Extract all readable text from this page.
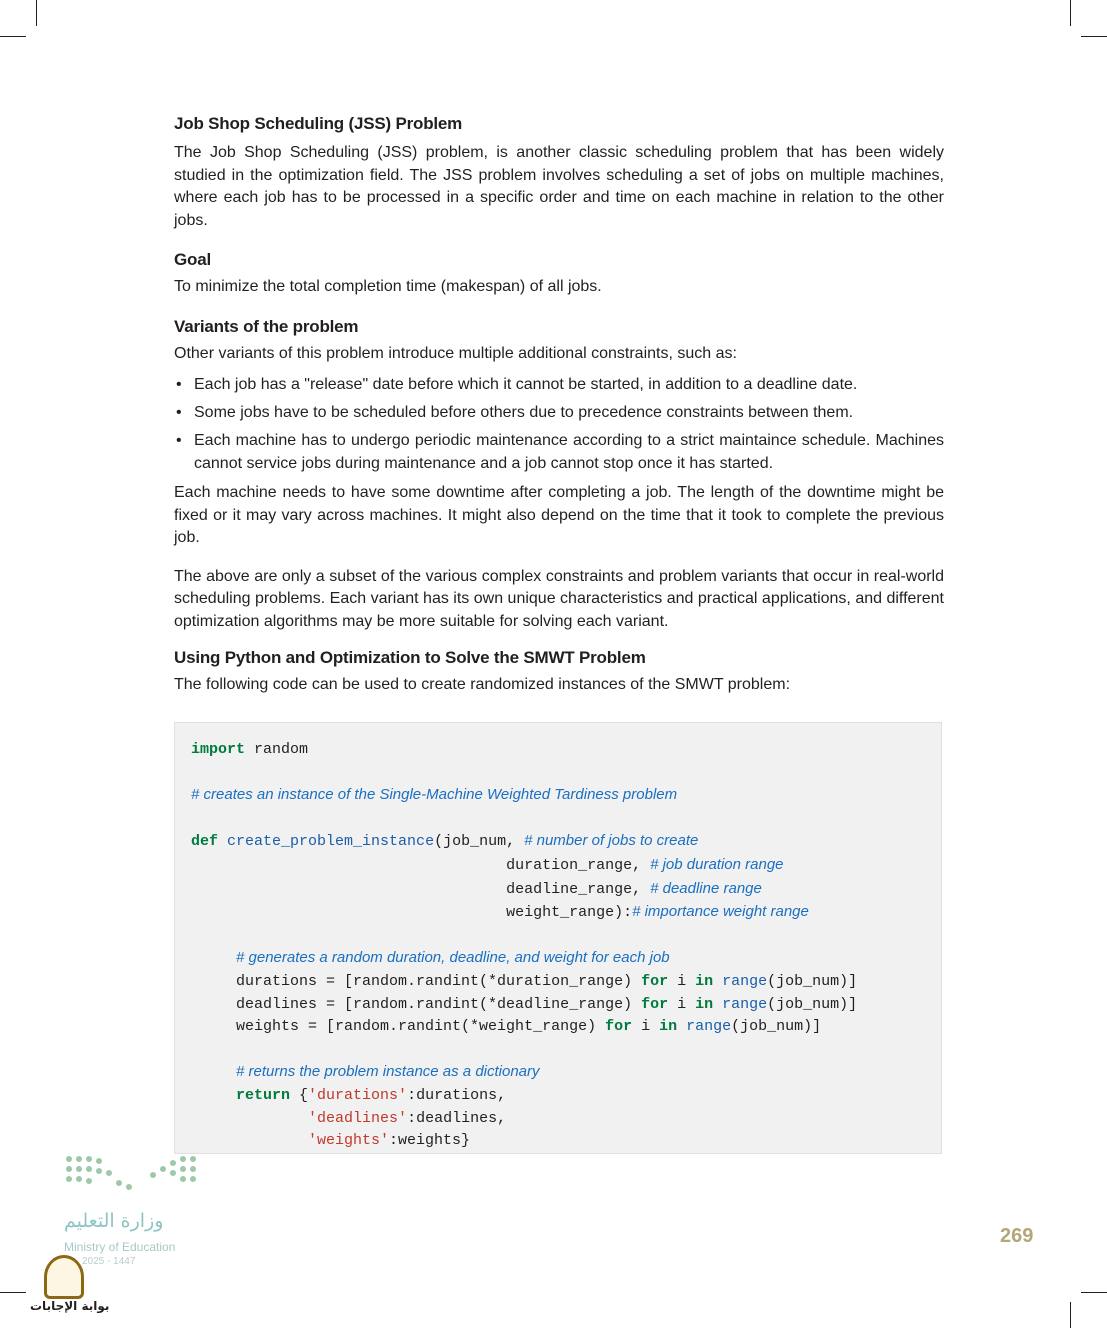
Job Shop Scheduling (JSS) Problem

The Job Shop Scheduling (JSS) problem, is another classic scheduling problem that has been widely studied in the optimization field. The JSS problem involves scheduling a set of jobs on multiple machines, where each job has to be processed in a specific order and time on each machine in relation to the other jobs.

Goal

To minimize the total completion time (makespan) of all jobs.

Variants of the problem

Other variants of this problem introduce multiple additional constraints, such as:

• Each job has a "release" date before which it cannot be started, in addition to a deadline date.
• Some jobs have to be scheduled before others due to precedence constraints between them.
• Each machine has to undergo periodic maintenance according to a strict maintaince schedule. Machines cannot service jobs during maintenance and a job cannot stop once it has started.

Each machine needs to have some downtime after completing a job. The length of the downtime might be fixed or it may vary across machines. It might also depend on the time that it took to complete the previous job.

The above are only a subset of the various complex constraints and problem variants that occur in real-world scheduling problems. Each variant has its own unique characteristics and practical applications, and different optimization algorithms may be more suitable for solving each variant.

Using Python and Optimization to Solve the SMWT Problem

The following code can be used to create randomized instances of the SMWT problem:

import random

# creates an instance of the Single-Machine Weighted Tardiness problem

def create_problem_instance(job_num, # number of jobs to create
duration_range, # job duration range
deadline_range, # deadline range
weight_range):# importance weight range

# generates a random duration, deadline, and weight for each job
durations = [random.randint(*duration_range) for i in range(job_num)]
deadlines = [random.randint(*deadline_range) for i in range(job_num)]
weights = [random.randint(*weight_range) for i in range(job_num)]

# returns the problem instance as a dictionary
return {'durations':durations,
'deadlines':deadlines,
'weights':weights}
وزارة التعليم
Ministry of Education
2025 - 1447
269
بوابة الإجابات
